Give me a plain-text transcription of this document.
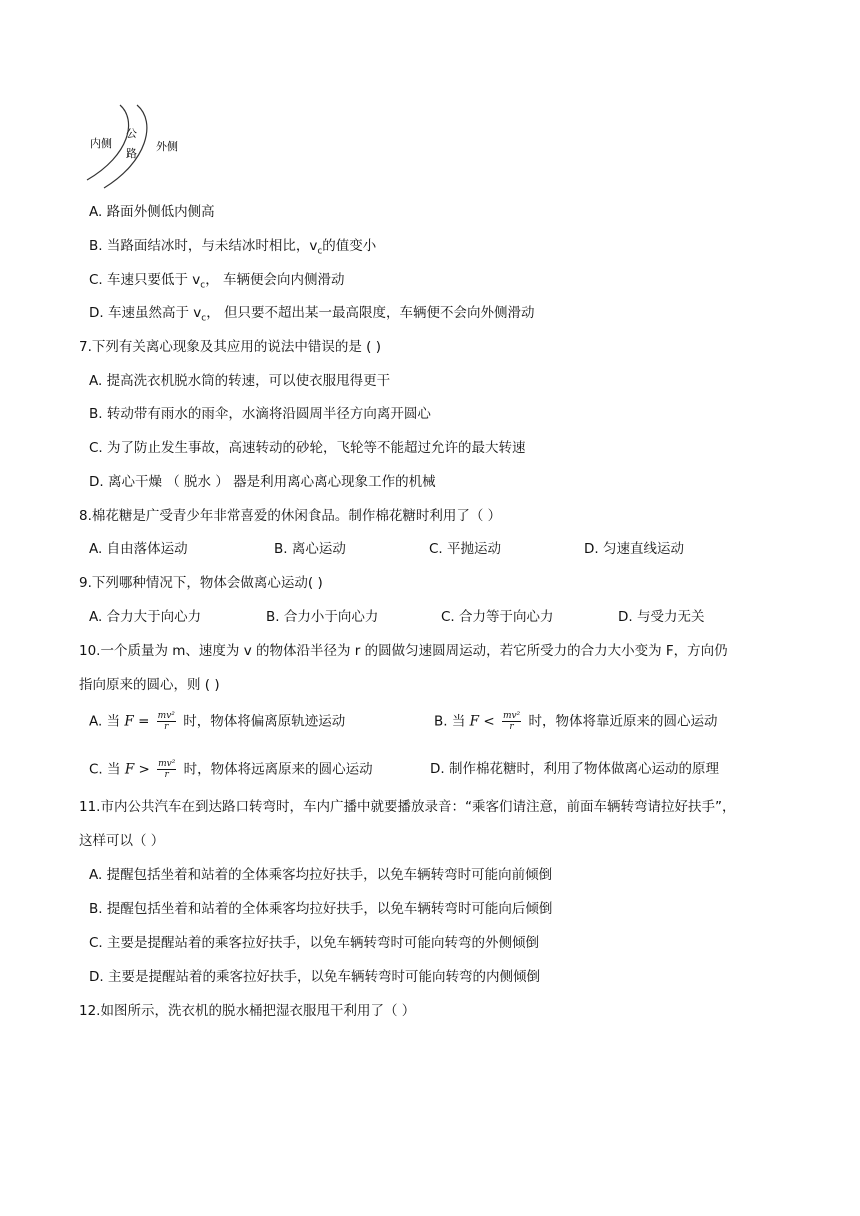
内侧
公
路
外侧
A. 路面外侧低内侧高
B. 当路面结冰时，与未结冰时相比，$v_c$的值变小
C. 车速只要低于 $v_c$， 车辆便会向内侧滑动
D. 车速虽然高于 $v_c$， 但只要不超出某一最高限度，车辆便不会向外侧滑动
7.下列有关离心现象及其应用的说法中错误的是 ( )
A. 提高洗衣机脱水筒的转速，可以使衣服甩得更干
B. 转动带有雨水的雨伞，水滴将沿圆周半径方向离开圆心
C. 为了防止发生事故，高速转动的砂轮，飞轮等不能超过允许的最大转速
D. 离心干燥 （ 脱水 ） 器是利用离心离心现象工作的机械
8.棉花糖是广受青少年非常喜爱的休闲食品。制作棉花糖时利用了（ ）
A. 自由落体运动	B. 离心运动	C. 平抛运动	D. 匀速直线运动
9.下列哪种情况下，物体会做离心运动( )
A. 合力大于向心力	B. 合力小于向心力	C. 合力等于向心力	D. 与受力无关
10.一个质量为 m、速度为 v 的物体沿半径为 r 的圆做匀速圆周运动，若它所受力的合力大小变为 F，方向仍
指向原来的圆心，则 ( )
A. 当 $F = \frac{\text{mv²}}{r}$ 时，物体将偏离原轨迹运动	B. 当 $F < \frac{\text{mv²}}{r}$ 时，物体将靠近原来的圆心运动
C. 当 $F > \frac{\text{mv²}}{r}$ 时，物体将远离原来的圆心运动	D. 制作棉花糖时，利用了物体做离心运动的原理
11.市内公共汽车在到达路口转弯时，车内广播中就要播放录音：“乘客们请注意，前面车辆转弯请拉好扶手”，
这样可以（ ）
A. 提醒包括坐着和站着的全体乘客均拉好扶手，以免车辆转弯时可能向前倾倒
B. 提醒包括坐着和站着的全体乘客均拉好扶手，以免车辆转弯时可能向后倾倒
C. 主要是提醒站着的乘客拉好扶手，以免车辆转弯时可能向转弯的外侧倾倒
D. 主要是提醒站着的乘客拉好扶手，以免车辆转弯时可能向转弯的内侧倾倒
12.如图所示，洗衣机的脱水桶把湿衣服甩干利用了（ ）
